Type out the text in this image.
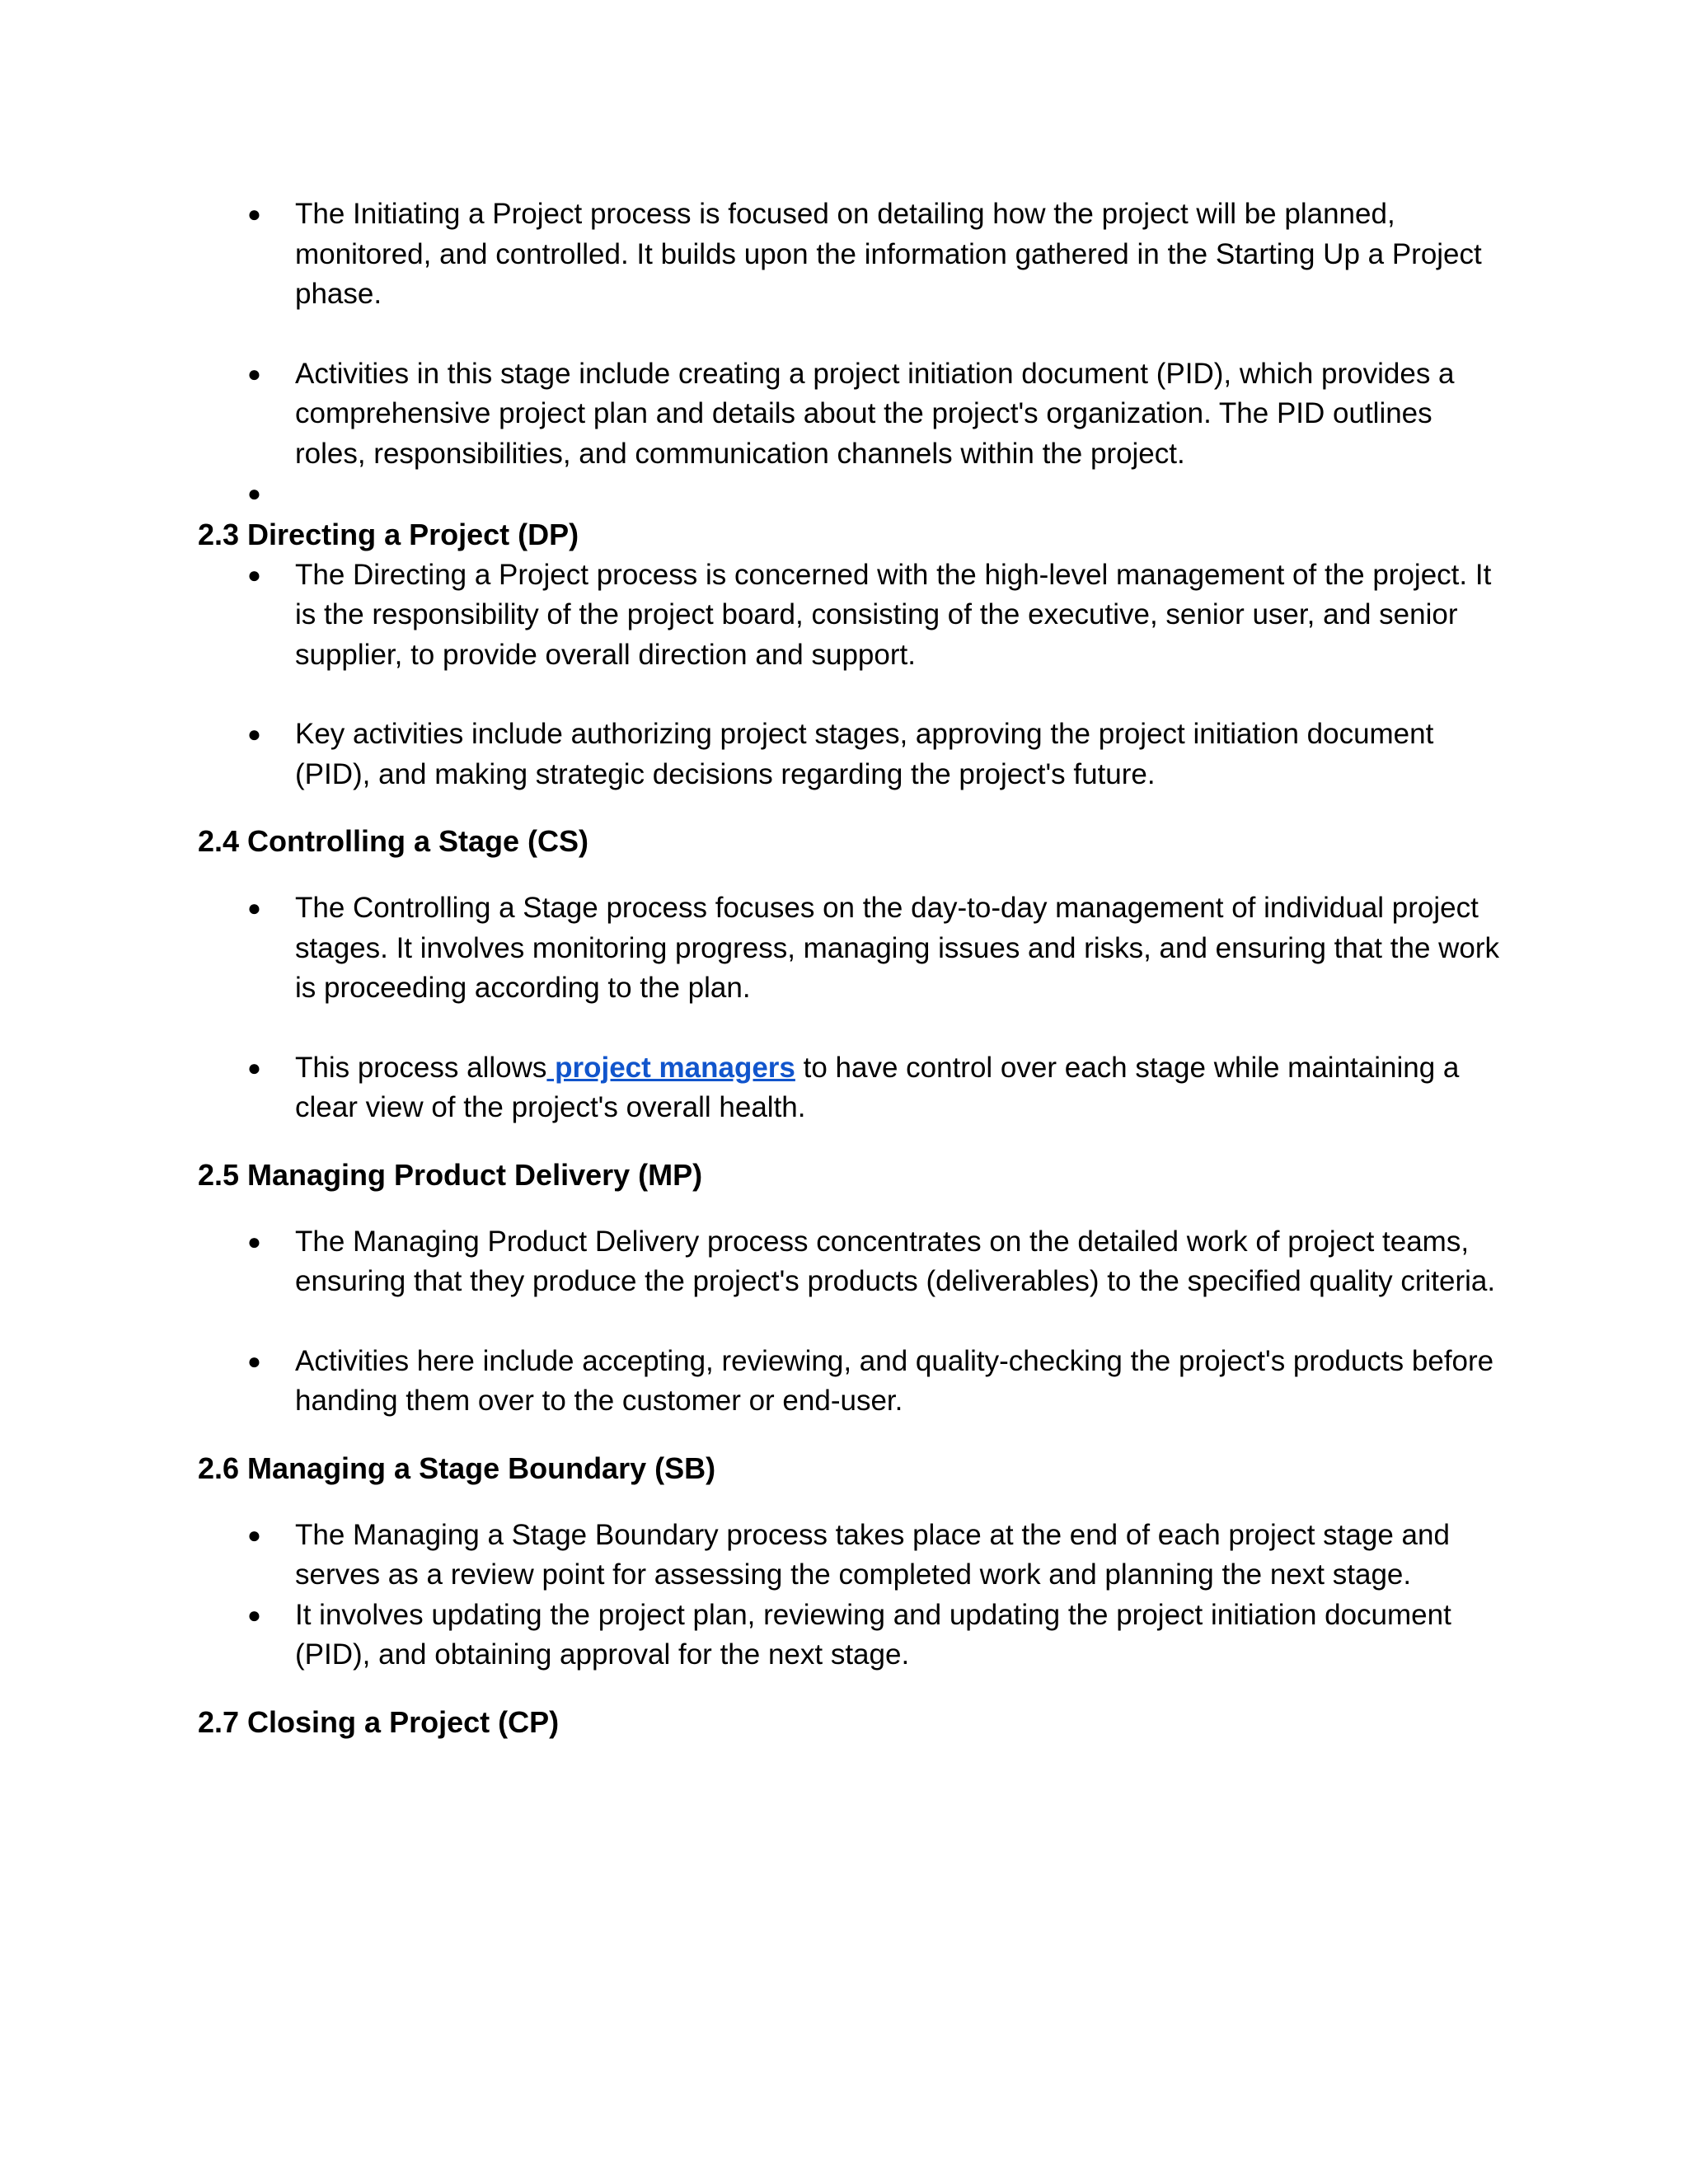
● The Initiating a Project process is focused on detailing how the project will be planned, monitored, and controlled. It builds upon the information gathered in the Starting Up a Project phase.
● Activities in this stage include creating a project initiation document (PID), which provides a comprehensive project plan and details about the project's organization. The PID outlines roles, responsibilities, and communication channels within the project.
●
2.3 Directing a Project (DP)
● The Directing a Project process is concerned with the high-level management of the project. It is the responsibility of the project board, consisting of the executive, senior user, and senior supplier, to provide overall direction and support.
● Key activities include authorizing project stages, approving the project initiation document (PID), and making strategic decisions regarding the project's future.
2.4 Controlling a Stage (CS)
● The Controlling a Stage process focuses on the day-to-day management of individual project stages. It involves monitoring progress, managing issues and risks, and ensuring that the work is proceeding according to the plan.
● This process allows project managers to have control over each stage while maintaining a clear view of the project's overall health.
2.5 Managing Product Delivery (MP)
● The Managing Product Delivery process concentrates on the detailed work of project teams, ensuring that they produce the project's products (deliverables) to the specified quality criteria.
● Activities here include accepting, reviewing, and quality-checking the project's products before handing them over to the customer or end-user.
2.6 Managing a Stage Boundary (SB)
● The Managing a Stage Boundary process takes place at the end of each project stage and serves as a review point for assessing the completed work and planning the next stage.
● It involves updating the project plan, reviewing and updating the project initiation document (PID), and obtaining approval for the next stage.
2.7 Closing a Project (CP)
